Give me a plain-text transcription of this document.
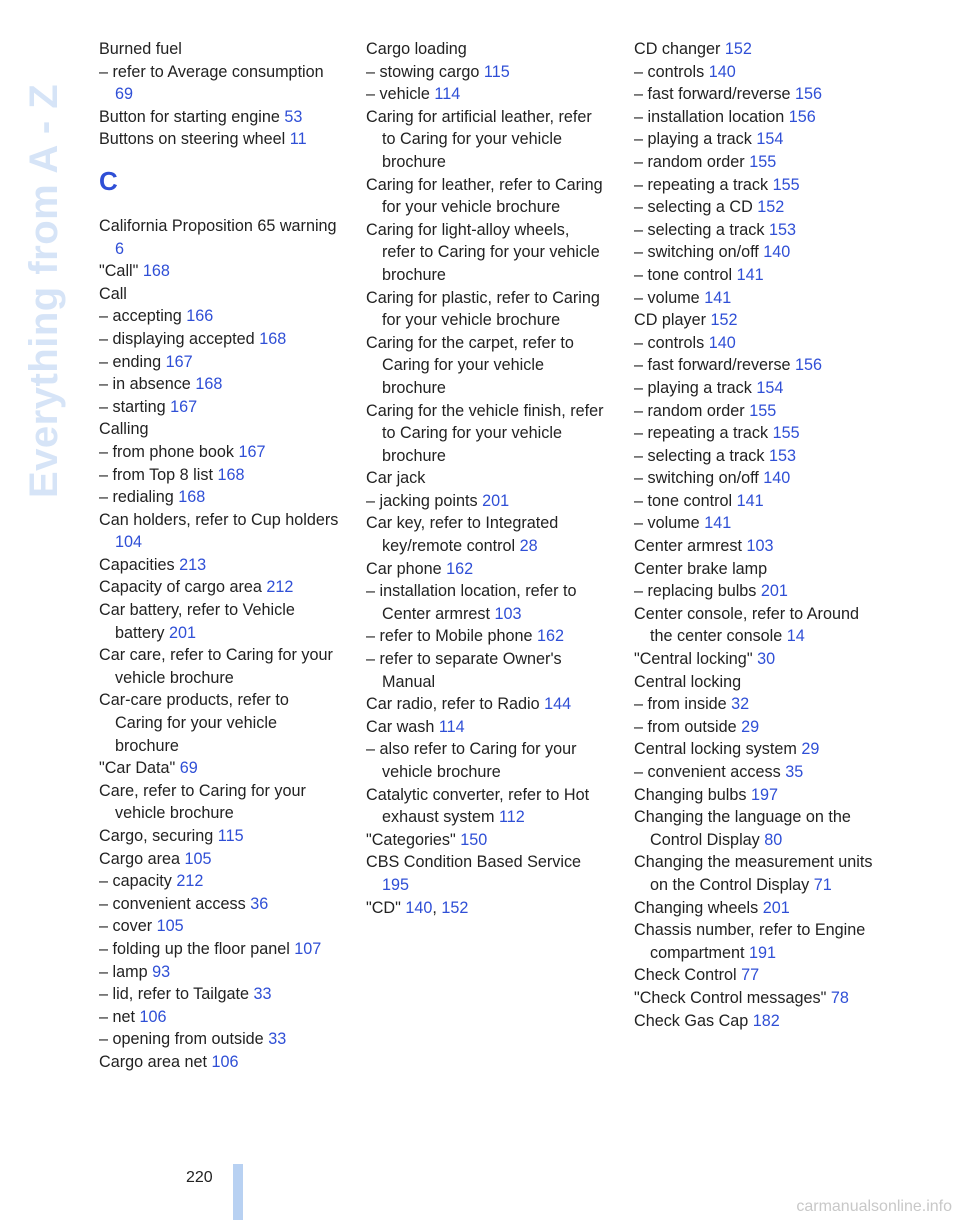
Everything from A - Z
Burned fuel
– refer to Average consumption 69
Button for starting engine 53
Buttons on steering wheel 11
C
California Proposition 65 warning 6
"Call" 168
Call
– accepting 166
– displaying accepted 168
– ending 167
– in absence 168
– starting 167
Calling
– from phone book 167
– from Top 8 list 168
– redialing 168
Can holders, refer to Cup holders 104
Capacities 213
Capacity of cargo area 212
Car battery, refer to Vehicle battery 201
Car care, refer to Caring for your vehicle brochure
Car-care products, refer to Caring for your vehicle brochure
"Car Data" 69
Care, refer to Caring for your vehicle brochure
Cargo, securing 115
Cargo area 105
– capacity 212
– convenient access 36
– cover 105
– folding up the floor panel 107
– lamp 93
– lid, refer to Tailgate 33
– net 106
– opening from outside 33
Cargo area net 106
Cargo loading
– stowing cargo 115
– vehicle 114
Caring for artificial leather, refer to Caring for your vehicle brochure
Caring for leather, refer to Caring for your vehicle brochure
Caring for light-alloy wheels, refer to Caring for your vehicle brochure
Caring for plastic, refer to Caring for your vehicle brochure
Caring for the carpet, refer to Caring for your vehicle brochure
Caring for the vehicle finish, refer to Caring for your vehicle brochure
Car jack
– jacking points 201
Car key, refer to Integrated key/remote control 28
Car phone 162
– installation location, refer to Center armrest 103
– refer to Mobile phone 162
– refer to separate Owner's Manual
Car radio, refer to Radio 144
Car wash 114
– also refer to Caring for your vehicle brochure
Catalytic converter, refer to Hot exhaust system 112
"Categories" 150
CBS Condition Based Service 195
"CD" 140, 152
CD changer 152
– controls 140
– fast forward/reverse 156
– installation location 156
– playing a track 154
– random order 155
– repeating a track 155
– selecting a CD 152
– selecting a track 153
– switching on/off 140
– tone control 141
– volume 141
CD player 152
– controls 140
– fast forward/reverse 156
– playing a track 154
– random order 155
– repeating a track 155
– selecting a track 153
– switching on/off 140
– tone control 141
– volume 141
Center armrest 103
Center brake lamp
– replacing bulbs 201
Center console, refer to Around the center console 14
"Central locking" 30
Central locking
– from inside 32
– from outside 29
Central locking system 29
– convenient access 35
Changing bulbs 197
Changing the language on the Control Display 80
Changing the measurement units on the Control Display 71
Changing wheels 201
Chassis number, refer to Engine compartment 191
Check Control 77
"Check Control messages" 78
Check Gas Cap 182
220
carmanualsonline.info
